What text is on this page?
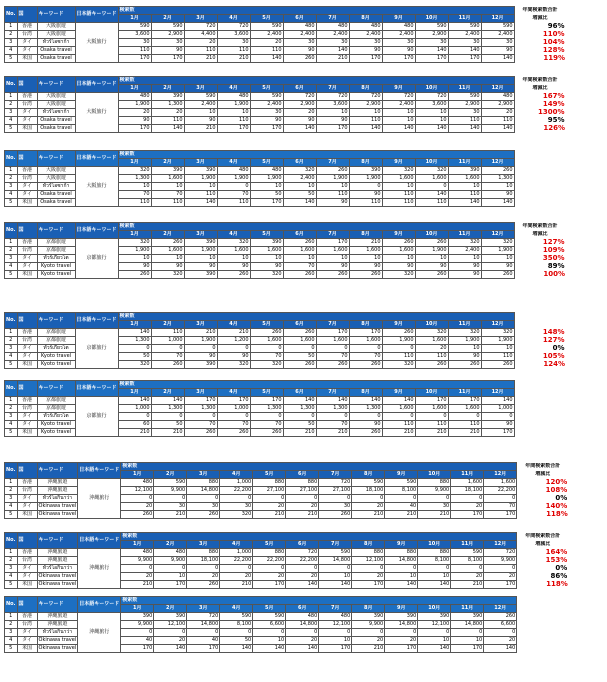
No.	国	キーワード	日本語キーワード	検索数												年間検索数合計
				1月	2月	3月	4月	5月	6月	7月	8月	9月	10月	11月	12月	増減比
1	香港	大阪旅遊	大阪旅行	590	590	720	720	590	480	480	480	480	590	590	590	96%
2	台湾	大阪旅遊		3,600	2,900	4,400	3,600	2,400	2,400	2,400	2,400	2,400	2,900	2,400	2,400	110%
3	タイ	ทัวร์โอซาก้า		30	30	20	30	20	30	30	30	30	30	30	30	104%
4	タイ	Osaka travel		110	90	110	110	110	90	140	90	90	140	140	90	128%
5	米国	Osaka travel		170	170	210	210	140	260	210	170	170	170	170	140	119%
No.	国	キーワード	日本語キーワード	検索数												年間検索数合計
				1月	2月	3月	4月	5月	6月	7月	8月	9月	10月	11月	12月	増減比
1	香港	大阪旅遊	大阪旅行	480	390	590	480	590	720	720	720	720	720	590	480	167%
2	台湾	大阪旅遊		1,900	1,300	2,400	1,900	2,400	2,900	3,600	2,900	2,400	3,600	2,900	2,900	149%
3	タイ	ทัวร์โอซาก้า		20	20	10	10	30	20	10	10	10	10	30	20	1300%
4	タイ	Osaka travel		90	110	90	110	90	90	90	110	10	10	110	110	95%
5	米国	Osaka travel		170	140	210	170	170	140	170	140	140	140	140	140	126%
No.	国	キーワード	日本語キーワード	検索数												
				1月	2月	3月	4月	5月	6月	7月	8月	9月	10月	11月	12月	
1	香港	大阪旅遊	大阪旅行	320	390	390	480	480	320	260	390	320	320	390	260	
2	台湾	大阪旅遊		1,300	1,600	1,900	1,900	1,900	2,400	1,900	1,900	1,600	1,600	1,600	1,300	
3	タイ	ทัวร์โอซาก้า		10	10	10	0	10	10	10	0	10	0	10	10	
4	タイ	Osaka travel		70	70	110	70	50	50	110	90	110	140	110	90	
5	米国	Osaka travel		110	110	140	110	170	140	90	110	110	110	140	140	
No.	国	キーワード	日本語キーワード	検索数												年間検索数合計
				1月	2月	3月	4月	5月	6月	7月	8月	9月	10月	11月	12月	増減比
1	香港	京都旅遊	京都旅行	320	260	390	320	390	260	170	210	260	260	320	320	127%
2	台湾	京都旅遊		1,900	1,600	1,900	1,600	1,600	1,600	1,600	1,600	1,600	1,900	2,400	1,900	109%
3	タイ	ทัวร์เกียวโต		10	10	10	10	10	10	10	10	10	10	10	10	350%
4	タイ	Kyoto travel		90	90	90	90	90	70	90	90	90	90	90	90	89%
5	米国	Kyoto travel		260	320	390	260	320	260	260	260	320	260	90	260	100%
No.	国	キーワード	日本語キーワード	検索数												
				1月	2月	3月	4月	5月	6月	7月	8月	9月	10月	11月	12月	
1	香港	京都旅遊	京都旅行	140	110	210	210	260	260	170	170	260	320	320	320	148%
2	台湾	京都旅遊		1,300	1,000	1,900	1,200	1,600	1,600	1,600	1,600	1,900	1,600	1,900	1,900	127%
3	タイ	ทัวร์เกียวโต		0	0	0	0	0	0	0	0	0	20	10	10	0%
4	タイ	Kyoto travel		50	70	90	90	70	50	70	70	110	110	90	110	105%
5	米国	Kyoto travel		320	260	390	320	320	260	260	260	320	260	260	260	124%
No.	国	キーワード	日本語キーワード	検索数												
				1月	2月	3月	4月	5月	6月	7月	8月	9月	10月	11月	12月	
1	香港	京都旅遊	京都旅行	140	140	170	170	170	140	140	140	140	170	170	140	
2	台湾	京都旅遊		1,000	1,300	1,300	1,000	1,300	1,300	1,300	1,300	1,600	1,600	1,600	1,000	
3	タイ	ทัวร์เกียวโต		0	0	0	0	0	0	0	0	0	0	0	0	
4	タイ	Kyoto travel		60	50	70	70	70	50	70	90	110	110	110	90	
5	米国	Kyoto travel		210	210	260	260	260	210	210	260	210	210	210	170	
No.	国	キーワード	日本語キーワード	検索数												年間検索数合計
				1月	2月	3月	4月	5月	6月	7月	8月	9月	10月	11月	12月	増減比
1	香港	沖縄旅遊	沖縄旅行	480	590	880	1,000	880	880	720	590	590	880	1,600	1,600	120%
2	台湾	沖縄旅遊		12,100	9,900	14,800	22,200	27,100	27,100	27,100	18,100	8,100	9,900	18,100	22,200	108%
3	タイ	ทัวร์โอกินาว่า		0	0	0	0	0	0	0	0	0	0	0	0	0%
4	タイ	Okinawa travel		20	30	30	30	20	20	30	20	40	30	20	70	140%
5	米国	Okinawa travel		260	210	260	320	210	210	260	210	210	210	170	170	118%
No.	国	キーワード	日本語キーワード	検索数												年間検索数合計
				1月	2月	3月	4月	5月	6月	7月	8月	9月	10月	11月	12月	増減比
1	香港	沖縄旅遊	沖縄旅行	480	480	880	1,000	880	720	590	880	880	880	590	720	164%
2	台湾	沖縄旅遊		9,900	9,900	18,100	22,200	22,200	22,200	14,800	12,100	14,800	8,100	8,100	9,900	153%
3	タイ	ทัวร์โอกินาว่า		0	0	0	0	0	0	0	0	0	0	0	0	0%
4	タイ	Okinawa travel		20	10	20	20	20	20	10	20	10	10	20	20	86%
5	米国	Okinawa travel		210	170	260	210	170	140	140	170	140	140	210	170	118%
No.	国	キーワード	日本語キーワード	検索数												
				1月	2月	3月	4月	5月	6月	7月	8月	9月	10月	11月	12月	
1	香港	沖縄旅遊	沖縄旅行	390	390	720	590	590	480	480	390	390	390	390	260	
2	台湾	沖縄旅遊		9,900	12,100	14,800	8,100	6,600	14,800	12,100	9,900	14,800	12,100	14,800	6,600	
3	タイ	ทัวร์โอกินาว่า		0	0	0	0	0	0	0	0	0	0	0	0	
4	タイ	Okinawa travel		40	20	40	50	10	20	10	20	20	10	10	20	
5	米国	Okinawa travel		170	140	170	140	140	140	170	210	170	140	170	140	
